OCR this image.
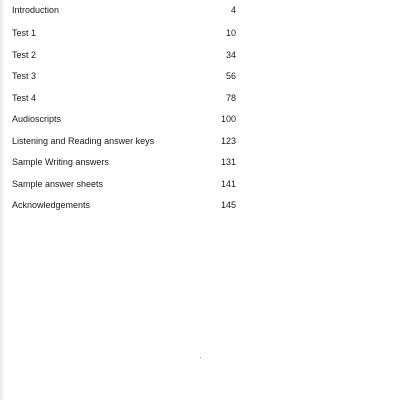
Introduction	4
Test 1	10
Test 2	34
Test 3	56
Test 4	78
Audioscripts	100
Listening and Reading answer keys	123
Sample Writing answers	131
Sample answer sheets	141
Acknowledgements	145
